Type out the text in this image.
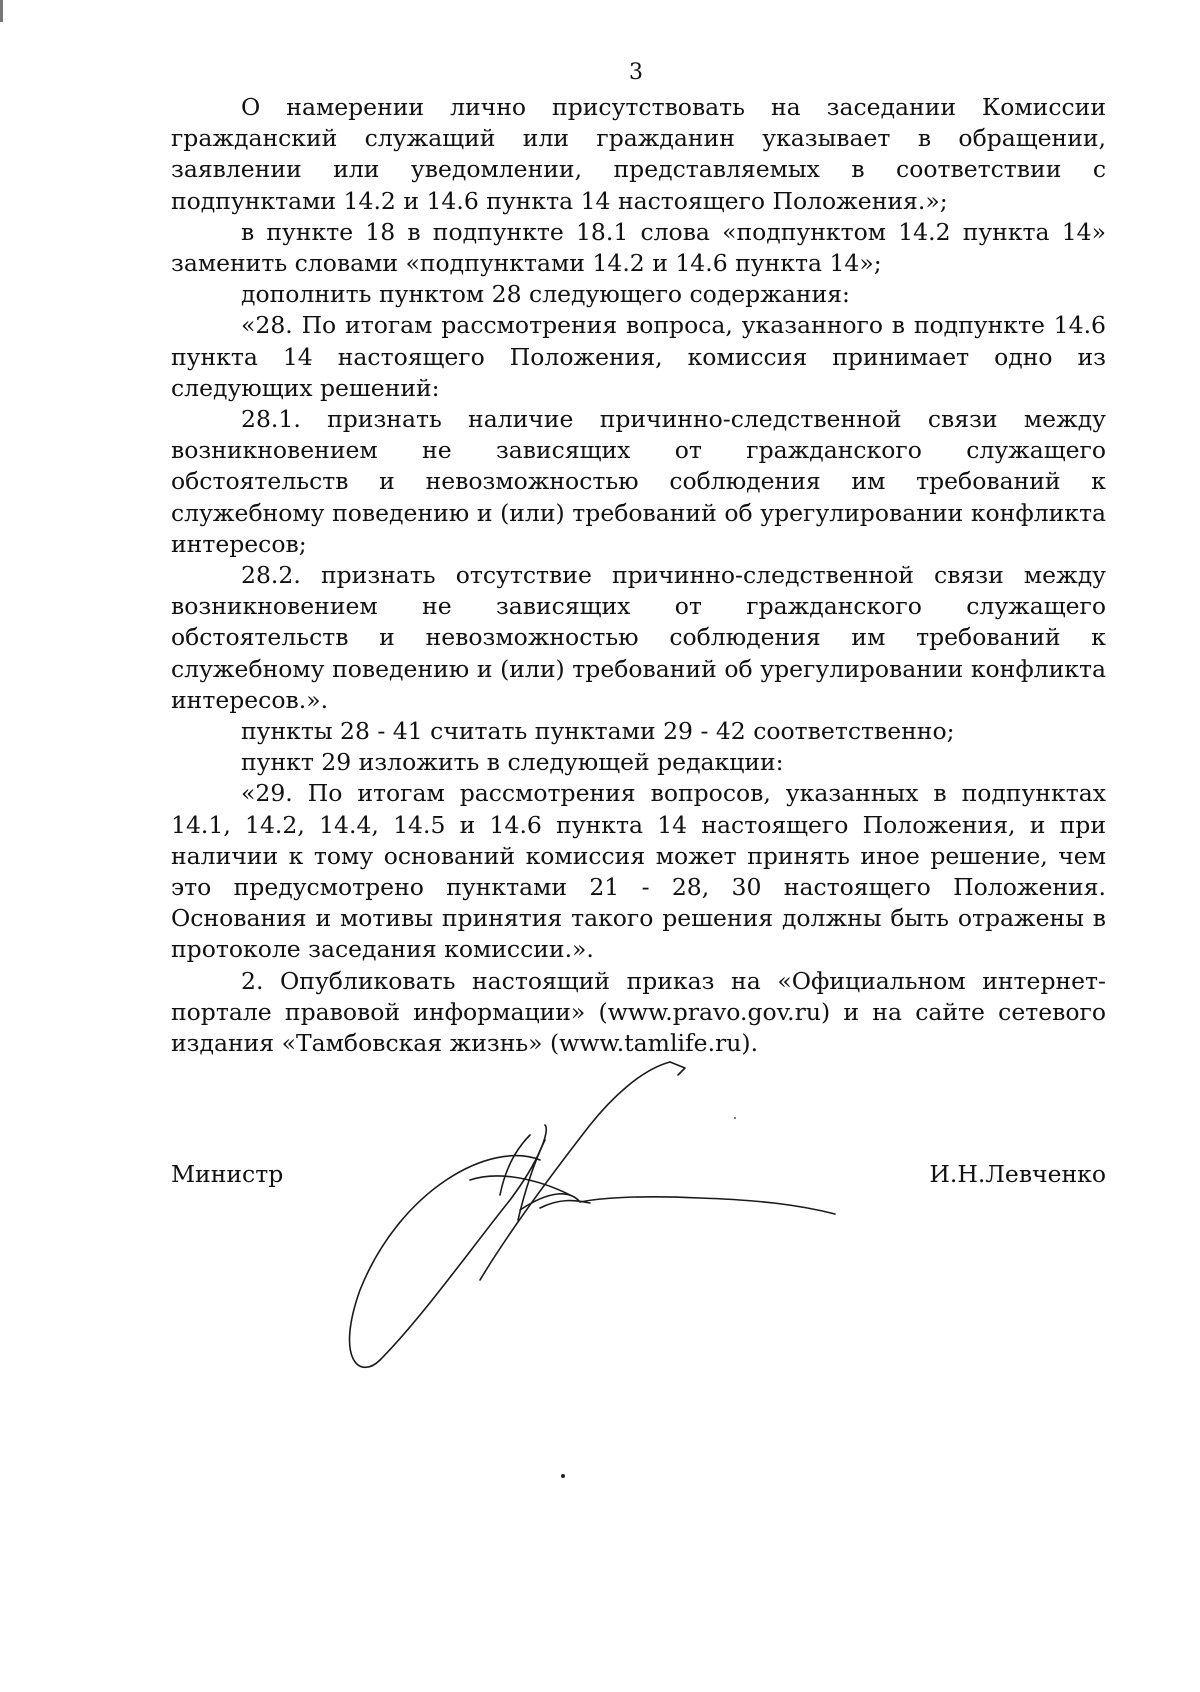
3

О намерении лично присутствовать на заседании Комиссии гражданский служащий или гражданин указывает в обращении, заявлении или уведомлении, представляемых в соответствии с подпунктами 14.2 и 14.6 пункта 14 настоящего Положения.»;

в пункте 18 в подпункте 18.1 слова «подпунктом 14.2 пункта 14» заменить словами «подпунктами 14.2 и 14.6 пункта 14»;

дополнить пунктом 28 следующего содержания:

«28. По итогам рассмотрения вопроса, указанного в подпункте 14.6 пункта 14 настоящего Положения, комиссия принимает одно из следующих решений:

28.1. признать наличие причинно-следственной связи между возникновением не зависящих от гражданского служащего обстоятельств и невозможностью соблюдения им требований к служебному поведению и (или) требований об урегулировании конфликта интересов;

28.2. признать отсутствие причинно-следственной связи между возникновением не зависящих от гражданского служащего обстоятельств и невозможностью соблюдения им требований к служебному поведению и (или) требований об урегулировании конфликта интересов.».

пункты 28 - 41 считать пунктами 29 - 42 соответственно;

пункт 29 изложить в следующей редакции:

«29. По итогам рассмотрения вопросов, указанных в подпунктах 14.1, 14.2, 14.4, 14.5 и 14.6 пункта 14 настоящего Положения, и при наличии к тому оснований комиссия может принять иное решение, чем это предусмотрено пунктами 21 - 28, 30 настоящего Положения. Основания и мотивы принятия такого решения должны быть отражены в протоколе заседания комиссии.».

2. Опубликовать настоящий приказ на «Официальном интернет-портале правовой информации» (www.pravo.gov.ru) и на сайте сетевого издания «Тамбовская жизнь» (www.tamlife.ru).

Министр	И.Н.Левченко
